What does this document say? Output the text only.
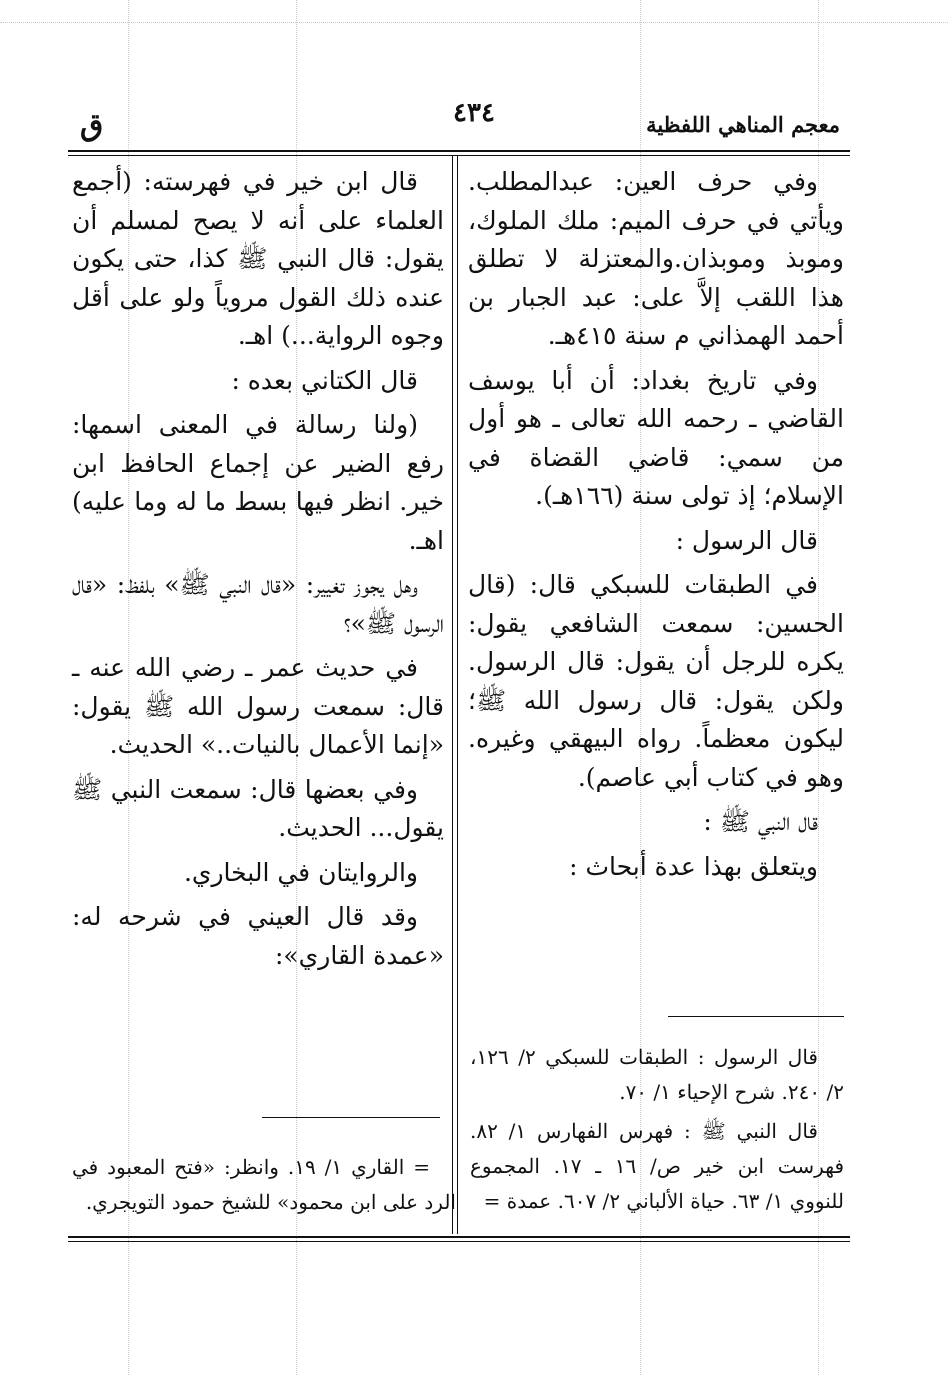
معجم المناهي اللفظية
٤٣٤
ق

وفي حرف العين: عبدالمطلب. ويأتي في حرف الميم: ملك الملوك، وموبذ وموبذان.والمعتزلة لا تطلق هذا اللقب إلاَّ على: عبد الجبار بن أحمد الهمذاني م سنة ٤١٥هـ.

وفي تاريخ بغداد: أن أبا يوسف القاضي ـ رحمه الله تعالى ـ هو أول من سمي: قاضي القضاة في الإسلام؛ إذ تولى سنة (١٦٦هـ).

قال الرسول :

في الطبقات للسبكي قال: (قال الحسين: سمعت الشافعي يقول: يكره للرجل أن يقول: قال الرسول. ولكن يقول: قال رسول الله ﷺ؛ ليكون معظماً. رواه البيهقي وغيره. وهو في كتاب أبي عاصم).

قال النبي ﷺ :

ويتعلق بهذا عدة أبحاث :

قال الرسول : الطبقات للسبكي ٢/ ١٢٦، ٢/ ٢٤٠. شرح الإحياء ١/ ٧٠.

قال النبي ﷺ : فهرس الفهارس ١/ ٨٢. فهرست ابن خير ص/ ١٦ ـ ١٧. المجموع للنووي ١/ ٦٣. حياة الألباني ٢/ ٦٠٧. عمدة =

قال ابن خير في فهرسته: (أجمع العلماء على أنه لا يصح لمسلم أن يقول: قال النبي ﷺ كذا، حتى يكون عنده ذلك القول مروياً ولو على أقل وجوه الرواية...) اهـ.

قال الكتاني بعده :

(ولنا رسالة في المعنى اسمها: رفع الضير عن إجماع الحافظ ابن خير. انظر فيها بسط ما له وما عليه) اهـ.

وهل يجوز تغيير: «قال النبي ﷺ» بلفظ: «قال الرسول ﷺ»؟

في حديث عمر ـ رضي الله عنه ـ قال: سمعت رسول الله ﷺ يقول: «إنما الأعمال بالنيات..» الحديث.

وفي بعضها قال: سمعت النبي ﷺ يقول... الحديث.

والروايتان في البخاري.

وقد قال العيني في شرحه له: «عمدة القاري»:

= القاري ١/ ١٩. وانظر: «فتح المعبود في الرد على ابن محمود» للشيخ حمود التويجري.
